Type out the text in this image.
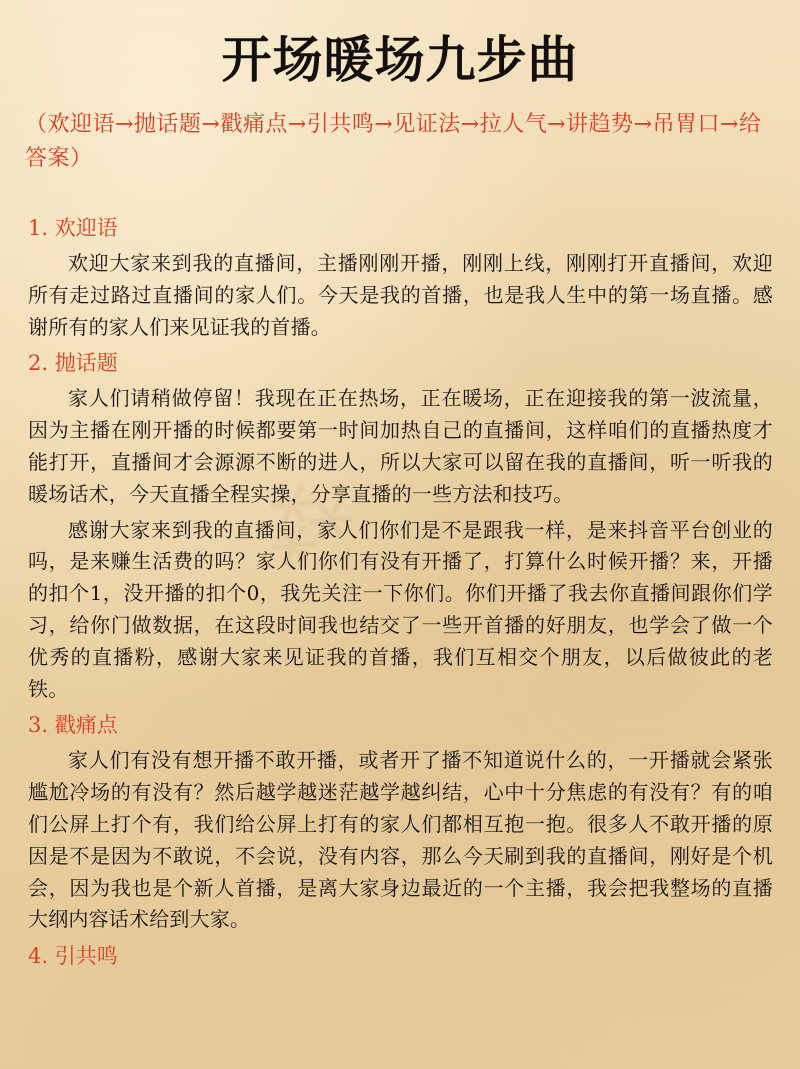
⁂
开场暖场九步曲
（欢迎语→抛话题→戳痛点→引共鸣→见证法→拉人气→讲趋势→吊胃口→给答案）
1. 欢迎语

欢迎大家来到我的直播间，主播刚刚开播，刚刚上线，刚刚打开直播间，欢迎所有走过路过直播间的家人们。今天是我的首播，也是我人生中的第一场直播。感谢所有的家人们来见证我的首播。

2. 抛话题

家人们请稍做停留！我现在正在热场，正在暖场，正在迎接我的第一波流量，因为主播在刚开播的时候都要第一时间加热自己的直播间，这样咱们的直播热度才能打开，直播间才会源源不断的进人，所以大家可以留在我的直播间，听一听我的暖场话术，今天直播全程实操，分享直播的一些方法和技巧。

感谢大家来到我的直播间，家人们你们是不是跟我一样，是来抖音平台创业的吗，是来赚生活费的吗？家人们你们有没有开播了，打算什么时候开播？来，开播的扣个1，没开播的扣个0，我先关注一下你们。你们开播了我去你直播间跟你们学习，给你门做数据，在这段时间我也结交了一些开首播的好朋友，也学会了做一个优秀的直播粉，感谢大家来见证我的首播，我们互相交个朋友，以后做彼此的老铁。

3. 戳痛点

家人们有没有想开播不敢开播，或者开了播不知道说什么的，一开播就会紧张尴尬冷场的有没有？然后越学越迷茫越学越纠结，心中十分焦虑的有没有？有的咱们公屏上打个有，我们给公屏上打有的家人们都相互抱一抱。很多人不敢开播的原因是不是因为不敢说，不会说，没有内容，那么今天刷到我的直播间，刚好是个机会，因为我也是个新人首播，是离大家身边最近的一个主播，我会把我整场的直播大纲内容话术给到大家。

4. 引共鸣
